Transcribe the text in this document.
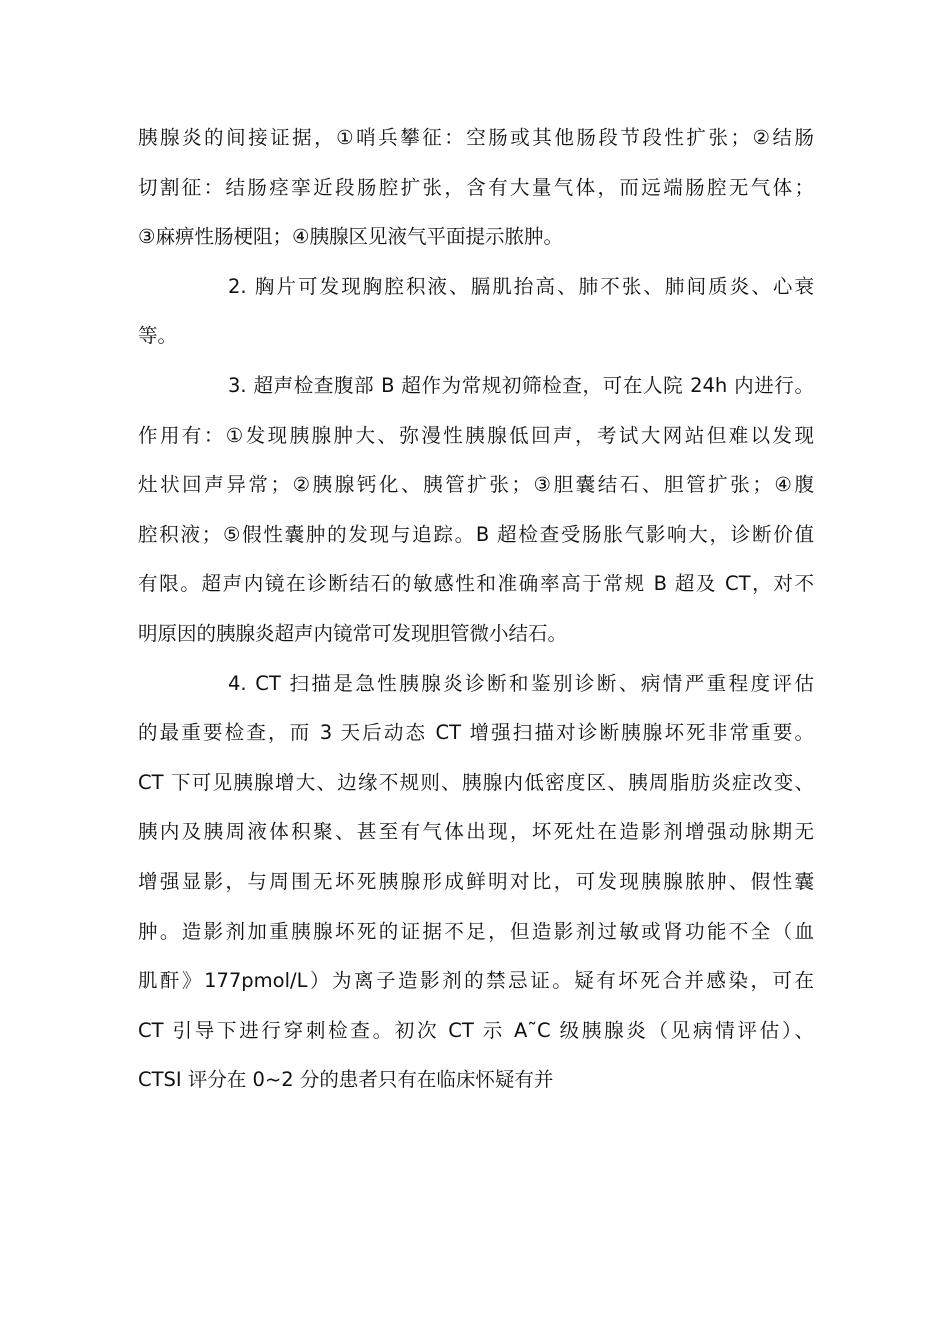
胰腺炎的间接证据，①哨兵攀征：空肠或其他肠段节段性扩张；②结肠
切割征：结肠痉挛近段肠腔扩张，含有大量气体，而远端肠腔无气体；
③麻痹性肠梗阻；④胰腺区见液气平面提示脓肿。
2. 胸片可发现胸腔积液、膈肌抬高、肺不张、肺间质炎、心衰
等。
3. 超声检查腹部 B 超作为常规初筛检查，可在人院 24h 内进行。
作用有：①发现胰腺肿大、弥漫性胰腺低回声，考试大网站但难以发现
灶状回声异常；②胰腺钙化、胰管扩张；③胆囊结石、胆管扩张；④腹
腔积液；⑤假性囊肿的发现与追踪。B 超检查受肠胀气影响大，诊断价值
有限。超声内镜在诊断结石的敏感性和准确率高于常规 B 超及 CT，对不
明原因的胰腺炎超声内镜常可发现胆管微小结石。
4. CT 扫描是急性胰腺炎诊断和鉴别诊断、病情严重程度评估
的最重要检查，而 3 天后动态 CT 增强扫描对诊断胰腺坏死非常重要。
CT 下可见胰腺增大、边缘不规则、胰腺内低密度区、胰周脂肪炎症改变、
胰内及胰周液体积聚、甚至有气体出现，坏死灶在造影剂增强动脉期无
增强显影，与周围无坏死胰腺形成鲜明对比，可发现胰腺脓肿、假性囊
肿。造影剂加重胰腺坏死的证据不足，但造影剂过敏或肾功能不全（血
肌酐》177pmol/L）为离子造影剂的禁忌证。疑有坏死合并感染，可在
CT 引导下进行穿刺检查。初次 CT 示 A˜C 级胰腺炎（见病情评估）、
CTSI 评分在 0~2 分的患者只有在临床怀疑有并
